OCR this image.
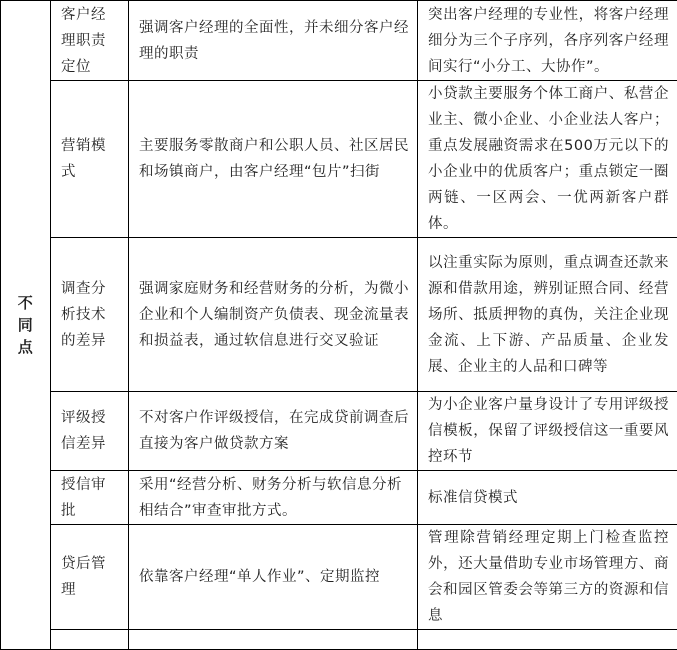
不同点	客户经理职责定位	强调客户经理的全面性，并未细分客户经理的职责	突出客户经理的专业性，将客户经理细分为三个子序列，各序列客户经理间实行“小分工、大协作”。

	营销模式	主要服务零散商户和公职人员、社区居民和场镇商户，由客户经理“包片”扫街	小贷款主要服务个体工商户、私营企业主、微小企业、小企业法人客户；重点发展融资需求在500万元以下的小企业中的优质客户；重点锁定一圈两链、一区两会、一优两新客户群体。

	调查分析技术的差异	强调家庭财务和经营财务的分析，为微小企业和个人编制资产负债表、现金流量表和损益表，通过软信息进行交叉验证	以注重实际为原则，重点调查还款来源和借款用途，辨别证照合同、经营场所、抵质押物的真伪，关注企业现金流、上下游、产品质量、企业发展、企业主的人品和口碑等

	评级授信差异	不对客户作评级授信，在完成贷前调查后直接为客户做贷款方案	为小企业客户量身设计了专用评级授信模板，保留了评级授信这一重要风控环节

	授信审批	采用“经营分析、财务分析与软信息分析相结合”审查审批方式。	标准信贷模式

	贷后管理	依靠客户经理“单人作业”、定期监控	管理除营销经理定期上门检查监控外，还大量借助专业市场管理方、商会和园区管委会等第三方的资源和信息
